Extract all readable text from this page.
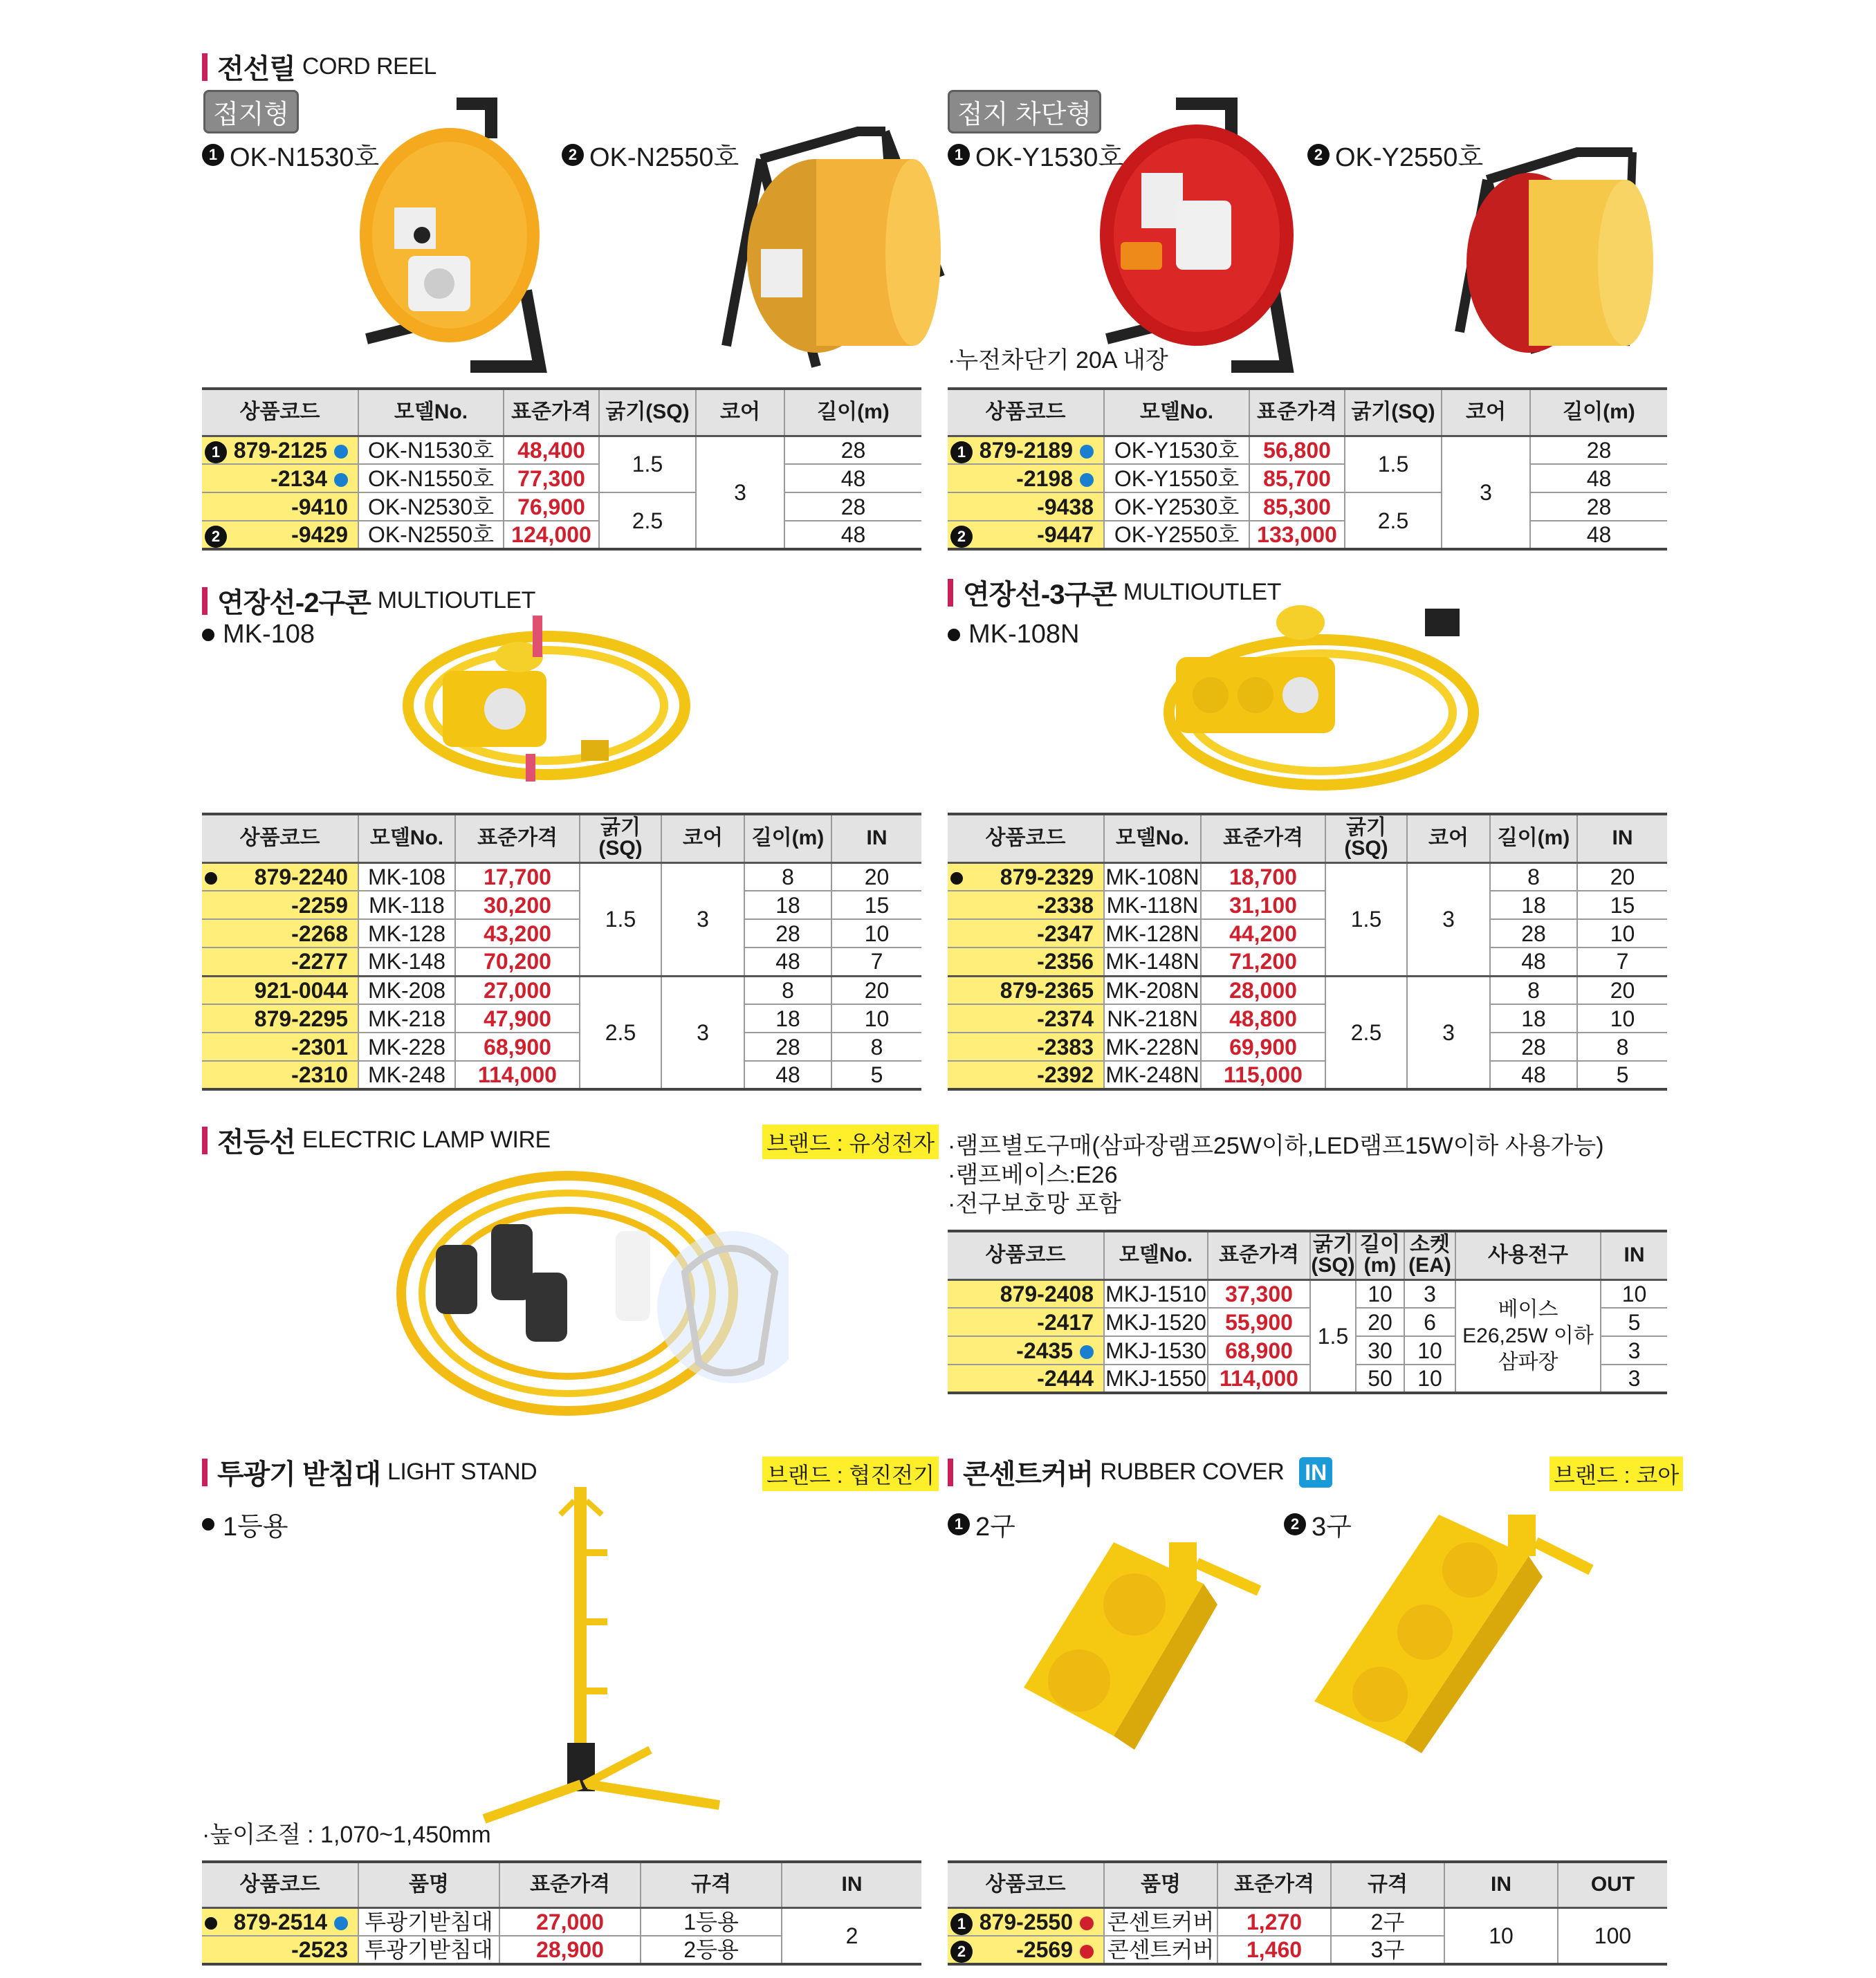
전선릴 CORD REEL
접지형	접지 차단형
1 OK-N1530호	2 OK-N2550호	1 OK-Y1530호	2 OK-Y2550호
·누전차단기 20A 내장
상품코드	모델No.	표준가격	굵기(SQ)	코어	길이(m)

1 879-2125	OK-N1530호	48,400	1.5	3	28
-2134	OK-N1550호	77,300			48
-9410	OK-N2530호	76,900	2.5		28

2 -9429	OK-N2550호	124,000			48
상품코드	모델No.	표준가격	굵기(SQ)	코어	길이(m)

1 879-2189	OK-Y1530호	56,800	1.5	3	28
-2198	OK-Y1550호	85,700			48
-9438	OK-Y2530호	85,300	2.5		28

2 -9447	OK-Y2550호	133,000			48
연장선-2구콘 MULTIOUTLET
MK-108
상품코드	모델No.	표준가격	굵기(SQ)	코어	길이(m)	IN

879-2240	MK-108	17,700	1.5	3	8	20
-2259	MK-118	30,200			18	15
-2268	MK-128	43,200			28	10
-2277	MK-148	70,200			48	7
921-0044	MK-208	27,000	2.5	3	8	20
879-2295	MK-218	47,900			18	10
-2301	MK-228	68,900			28	8
-2310	MK-248	114,000			48	5
연장선-3구콘 MULTIOUTLET
MK-108N
상품코드	모델No.	표준가격	굵기(SQ)	코어	길이(m)	IN

879-2329	MK-108N	18,700	1.5	3	8	20
-2338	MK-118N	31,100			18	15
-2347	MK-128N	44,200			28	10
-2356	MK-148N	71,200			48	7
879-2365	MK-208N	28,000	2.5	3	8	20
-2374	NK-218N	48,800			18	10
-2383	MK-228N	69,900			28	8
-2392	MK-248N	115,000			48	5
전등선 ELECTRIC LAMP WIRE	브랜드 : 유성전자 ·램프별도구매(삼파장램프25W이하,LED램프15W이하 사용가능)
·램프베이스:E26
·전구보호망 포함
상품코드	모델No.	표준가격	굵기(SQ)	길이(m)	소켓(EA)	사용전구	IN
879-2408	MKJ-1510	37,300	1.5	10	3	베이스E26,25W 이하삼파장	10
-2417	MKJ-1520	55,900		20	6		5
-2435	MKJ-1530	68,900		30	10		3
-2444	MKJ-1550	114,000		50	10		3
투광기 받침대 LIGHT STAND	브랜드 : 협진전기
1등용
·높이조절 : 1,070~1,450mm
상품코드	품명	표준가격	규격	IN

879-2514	투광기받침대	27,000	1등용	2
-2523	투광기받침대	28,900	2등용	
콘센트커버 RUBBER COVER IN	브랜드 : 코아
1 2구	2 3구
상품코드	품명	표준가격	규격	IN	OUT

1 879-2550	콘센트커버	1,270	2구	10	100

2 -2569	콘센트커버	1,460	3구		
